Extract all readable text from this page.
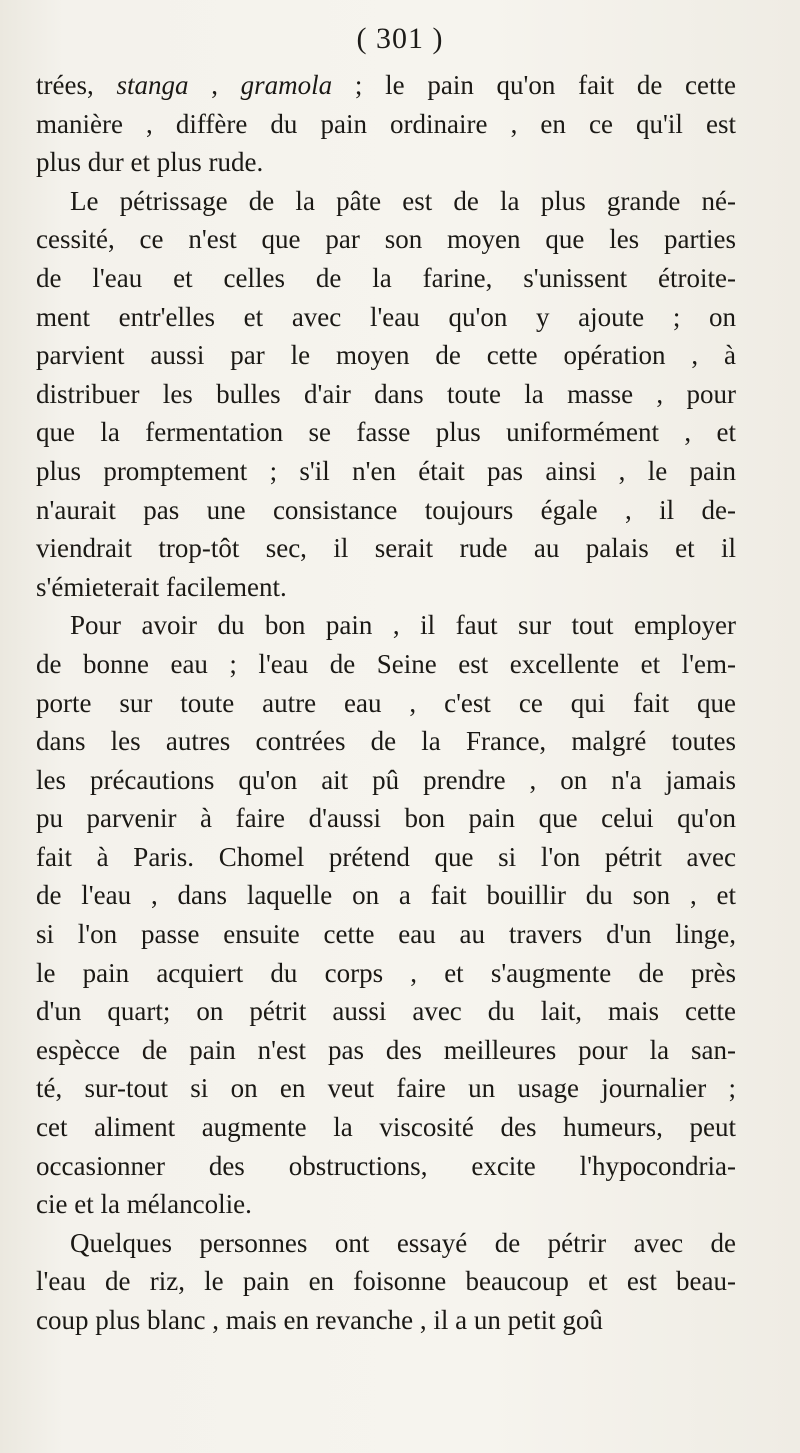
( 301 )
trées, stanga , gramola ; le pain qu'on fait de cette
manière , diffère du pain ordinaire , en ce qu'il est
plus dur et plus rude.
Le pétrissage de la pâte est de la plus grande né-
cessité, ce n'est que par son moyen que les parties
de l'eau et celles de la farine, s'unissent étroite-
ment entr'elles et avec l'eau qu'on y ajoute ; on
parvient aussi par le moyen de cette opération , à
distribuer les bulles d'air dans toute la masse , pour
que la fermentation se fasse plus uniformément , et
plus promptement ; s'il n'en était pas ainsi , le pain
n'aurait pas une consistance toujours égale , il de-
viendrait trop-tôt sec, il serait rude au palais et il
s'émieterait facilement.
Pour avoir du bon pain , il faut sur tout employer
de bonne eau ; l'eau de Seine est excellente et l'em-
porte sur toute autre eau , c'est ce qui fait que
dans les autres contrées de la France, malgré toutes
les précautions qu'on ait pû prendre , on n'a jamais
pu parvenir à faire d'aussi bon pain que celui qu'on
fait à Paris. Chomel prétend que si l'on pétrit avec
de l'eau , dans laquelle on a fait bouillir du son , et
si l'on passe ensuite cette eau au travers d'un linge,
le pain acquiert du corps , et s'augmente de près
d'un quart; on pétrit aussi avec du lait, mais cette
espècce de pain n'est pas des meilleures pour la san-
té, sur-tout si on en veut faire un usage journalier ;
cet aliment augmente la viscosité des humeurs, peut
occasionner des obstructions, excite l'hypocondria-
cie et la mélancolie.
Quelques personnes ont essayé de pétrir avec de
l'eau de riz, le pain en foisonne beaucoup et est beau-
coup plus blanc , mais en revanche , il a un petit goû
